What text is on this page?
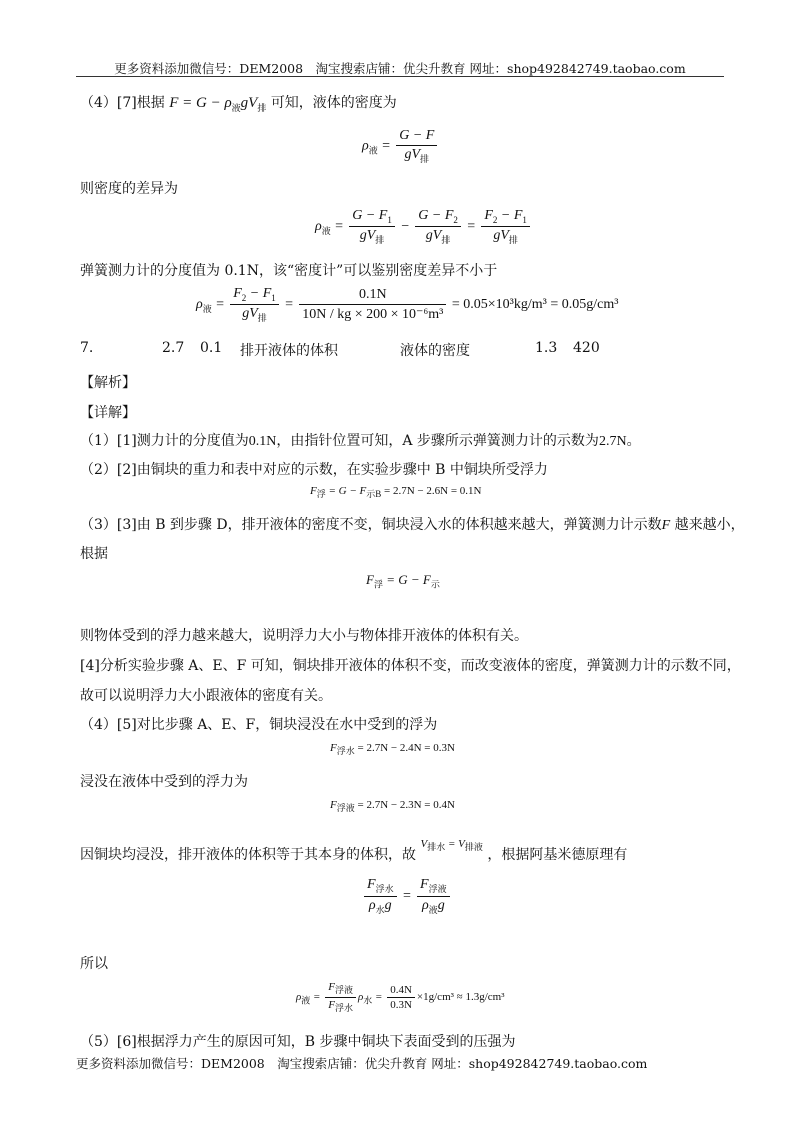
更多资料添加微信号：DEM2008　淘宝搜索店铺：优尖升教育 网址：shop492842749.taobao.com
（4）[7]根据 $F = G - \rho_液gV_排$ 可知，液体的密度为
$\rho_液 = \frac{G - F}{gV_排}$
则密度的差异为
$\rho_液 = \frac{G - F_1}{gV_排} - \frac{G - F_2}{gV_排} = \frac{F_2 - F_1}{gV_排}$
弹簧测力计的分度值为 0.1N，该“密度计”可以鉴别密度差异不小于
$\rho_液 = \frac{F_2 - F_1}{gV_排} = \frac{0.1N}{\text{10N / kg × 200 × 10⁻⁶m³}} = 0.05\times 10^3kg/m^3 = 0.05g/cm^3$
7.	2.7 0.1 排开液体的体积	液体的密度	1.3 420
【解析】
【详解】
（1）[1]测力计的分度值为0.1N，由指针位置可知，A 步骤所示弹簧测力计的示数为2.7N。
（2）[2]由铜块的重力和表中对应的示数，在实验步骤中 B 中铜块所受浮力
$F_浮 = G - F_{示B} = 2.7N - 2.6N = 0.1N$
（3）[3]由 B 到步骤 D，排开液体的密度不变，铜块浸入水的体积越来越大，弹簧测力计示数F 越来越小，
根据
$F_浮 = G - F_示$
则物体受到的浮力越来越大，说明浮力大小与物体排开液体的体积有关。
[4]分析实验步骤 A、E、F 可知，铜块排开液体的体积不变，而改变液体的密度，弹簧测力计的示数不同，
故可以说明浮力大小跟液体的密度有关。
（4）[5]对比步骤 A、E、F，铜块浸没在水中受到的浮为
$F_{浮水} = 2.7N - 2.4N = 0.3N$
浸没在液体中受到的浮力为
$F_{浮液} = 2.7N - 2.3N = 0.4N$
因铜块均浸没，排开液体的体积等于其本身的体积，故 $^{V_{排水} = V_{排液}}$ ，根据阿基米德原理有
$\frac{F_{浮水}}{\rho_水g} = \frac{F_{浮液}}{\rho_液g}$
所以
$\rho_液 = \frac{F_{浮液}}{F_{浮水}} \rho_水 = \frac{0.4N}{0.3N} \times 1g/cm^3 \approx 1.3g/cm^3$
（5）[6]根据浮力产生的原因可知，B 步骤中铜块下表面受到的压强为
更多资料添加微信号：DEM2008　淘宝搜索店铺：优尖升教育 网址：shop492842749.taobao.com
